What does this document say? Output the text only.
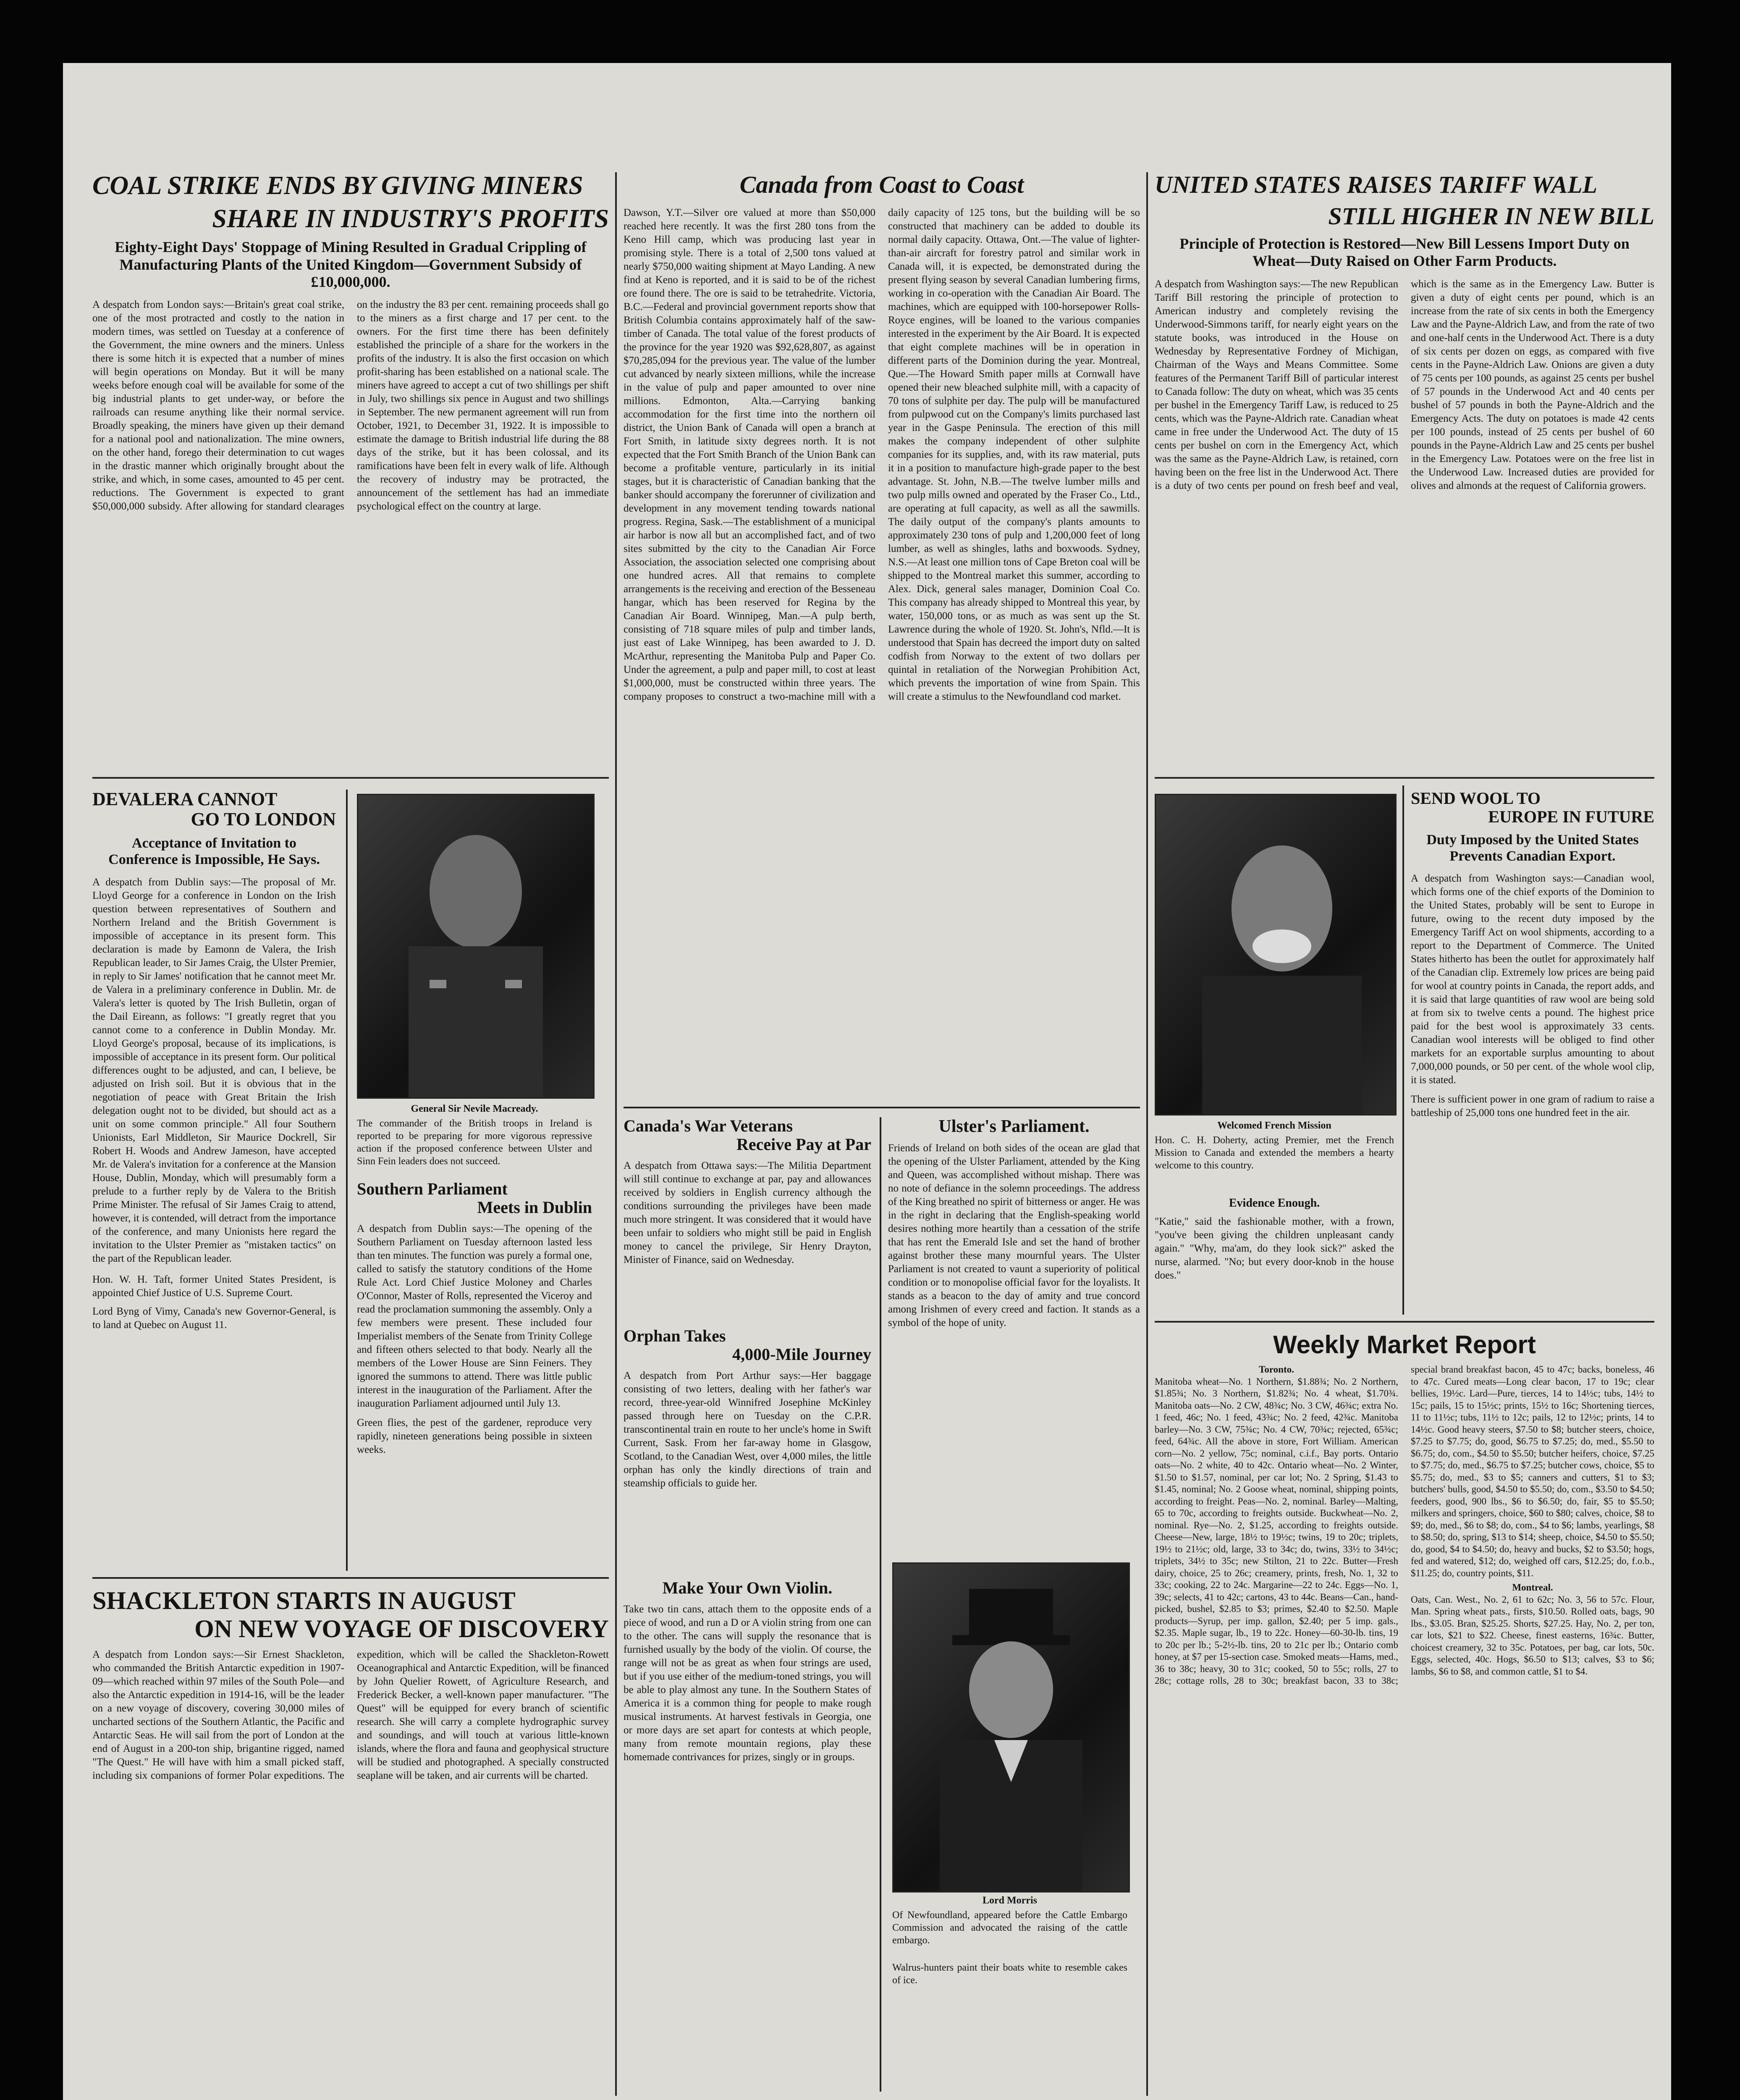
COAL STRIKE ENDS BY GIVING MINERS
SHARE IN INDUSTRY'S PROFITS
Eighty-Eight Days' Stoppage of Mining Resulted in Gradual Crippling of Manufacturing Plants of the United Kingdom—Government Subsidy of £10,000,000.
A despatch from London says:—Britain's great coal strike, one of the most protracted and costly to the nation in modern times, was settled on Tuesday at a conference of the Government, the mine owners and the miners. Unless there is some hitch it is expected that a number of mines will begin operations on Monday. But it will be many weeks before enough coal will be available for some of the big industrial plants to get under-way, or before the railroads can resume anything like their normal service. Broadly speaking, the miners have given up their demand for a national pool and nationalization. The mine owners, on the other hand, forego their determination to cut wages in the drastic manner which originally brought about the strike, and which, in some cases, amounted to 45 per cent. reductions. The Government is expected to grant $50,000,000 subsidy. After allowing for standard clearages on the industry the 83 per cent. remaining proceeds shall go to the miners as a first charge and 17 per cent. to the owners. For the first time there has been definitely established the principle of a share for the workers in the profits of the industry. It is also the first occasion on which profit-sharing has been established on a national scale. The miners have agreed to accept a cut of two shillings per shift in July, two shillings six pence in August and two shillings in September. The new permanent agreement will run from October, 1921, to December 31, 1922. It is impossible to estimate the damage to British industrial life during the 88 days of the strike, but it has been colossal, and its ramifications have been felt in every walk of life. Although the recovery of industry may be protracted, the announcement of the settlement has had an immediate psychological effect on the country at large.
DEVALERA CANNOT
GO TO LONDON
Acceptance of Invitation to Conference is Impossible, He Says.
A despatch from Dublin says:—The proposal of Mr. Lloyd George for a conference in London on the Irish question between representatives of Southern and Northern Ireland and the British Government is impossible of acceptance in its present form. This declaration is made by Eamonn de Valera, the Irish Republican leader, to Sir James Craig, the Ulster Premier, in reply to Sir James' notification that he cannot meet Mr. de Valera in a preliminary conference in Dublin. Mr. de Valera's letter is quoted by The Irish Bulletin, organ of the Dail Eireann, as follows: "I greatly regret that you cannot come to a conference in Dublin Monday. Mr. Lloyd George's proposal, because of its implications, is impossible of acceptance in its present form. Our political differences ought to be adjusted, and can, I believe, be adjusted on Irish soil. But it is obvious that in the negotiation of peace with Great Britain the Irish delegation ought not to be divided, but should act as a unit on some common principle." All four Southern Unionists, Earl Middleton, Sir Maurice Dockrell, Sir Robert H. Woods and Andrew Jameson, have accepted Mr. de Valera's invitation for a conference at the Mansion House, Dublin, Monday, which will presumably form a prelude to a further reply by de Valera to the British Prime Minister. The refusal of Sir James Craig to attend, however, it is contended, will detract from the importance of the conference, and many Unionists here regard the invitation to the Ulster Premier as "mistaken tactics" on the part of the Republican leader.
Hon. W. H. Taft, former United States President, is appointed Chief Justice of U.S. Supreme Court.
Lord Byng of Vimy, Canada's new Governor-General, is to land at Quebec on August 11.
General Sir Nevile Macready.
The commander of the British troops in Ireland is reported to be preparing for more vigorous repressive action if the proposed conference between Ulster and Sinn Fein leaders does not succeed.
Southern Parliament
Meets in Dublin
A despatch from Dublin says:—The opening of the Southern Parliament on Tuesday afternoon lasted less than ten minutes. The function was purely a formal one, called to satisfy the statutory conditions of the Home Rule Act. Lord Chief Justice Moloney and Charles O'Connor, Master of Rolls, represented the Viceroy and read the proclamation summoning the assembly. Only a few members were present. These included four Imperialist members of the Senate from Trinity College and fifteen others selected to that body. Nearly all the members of the Lower House are Sinn Feiners. They ignored the summons to attend. There was little public interest in the inauguration of the Parliament. After the inauguration Parliament adjourned until July 13.
Green flies, the pest of the gardener, reproduce very rapidly, nineteen generations being possible in sixteen weeks.
SHACKLETON STARTS IN AUGUST
ON NEW VOYAGE OF DISCOVERY
A despatch from London says:—Sir Ernest Shackleton, who commanded the British Antarctic expedition in 1907-09—which reached within 97 miles of the South Pole—and also the Antarctic expedition in 1914-16, will be the leader on a new voyage of discovery, covering 30,000 miles of uncharted sections of the Southern Atlantic, the Pacific and Antarctic Seas. He will sail from the port of London at the end of August in a 200-ton ship, brigantine rigged, named "The Quest." He will have with him a small picked staff, including six companions of former Polar expeditions. The expedition, which will be called the Shackleton-Rowett Oceanographical and Antarctic Expedition, will be financed by John Quelier Rowett, of Agriculture Research, and Frederick Becker, a well-known paper manufacturer. "The Quest" will be equipped for every branch of scientific research. She will carry a complete hydrographic survey and soundings, and will touch at various little-known islands, where the flora and fauna and geophysical structure will be studied and photographed. A specially constructed seaplane will be taken, and air currents will be charted.
Canada from Coast to Coast
Dawson, Y.T.—Silver ore valued at more than $50,000 reached here recently. It was the first 280 tons from the Keno Hill camp, which was producing last year in promising style. There is a total of 2,500 tons valued at nearly $750,000 waiting shipment at Mayo Landing. A new find at Keno is reported, and it is said to be of the richest ore found there. The ore is said to be tetrahedrite. Victoria, B.C.—Federal and provincial government reports show that British Columbia contains approximately half of the saw-timber of Canada. The total value of the forest products of the province for the year 1920 was $92,628,807, as against $70,285,094 for the previous year. The value of the lumber cut advanced by nearly sixteen millions, while the increase in the value of pulp and paper amounted to over nine millions. Edmonton, Alta.—Carrying banking accommodation for the first time into the northern oil district, the Union Bank of Canada will open a branch at Fort Smith, in latitude sixty degrees north. It is not expected that the Fort Smith Branch of the Union Bank can become a profitable venture, particularly in its initial stages, but it is characteristic of Canadian banking that the banker should accompany the forerunner of civilization and development in any movement tending towards national progress. Regina, Sask.—The establishment of a municipal air harbor is now all but an accomplished fact, and of two sites submitted by the city to the Canadian Air Force Association, the association selected one comprising about one hundred acres. All that remains to complete arrangements is the receiving and erection of the Besseneau hangar, which has been reserved for Regina by the Canadian Air Board. Winnipeg, Man.—A pulp berth, consisting of 718 square miles of pulp and timber lands, just east of Lake Winnipeg, has been awarded to J. D. McArthur, representing the Manitoba Pulp and Paper Co. Under the agreement, a pulp and paper mill, to cost at least $1,000,000, must be constructed within three years. The company proposes to construct a two-machine mill with a daily capacity of 125 tons, but the building will be so constructed that machinery can be added to double its normal daily capacity. Ottawa, Ont.—The value of lighter-than-air aircraft for forestry patrol and similar work in Canada will, it is expected, be demonstrated during the present flying season by several Canadian lumbering firms, working in co-operation with the Canadian Air Board. The machines, which are equipped with 100-horsepower Rolls-Royce engines, will be loaned to the various companies interested in the experiment by the Air Board. It is expected that eight complete machines will be in operation in different parts of the Dominion during the year. Montreal, Que.—The Howard Smith paper mills at Cornwall have opened their new bleached sulphite mill, with a capacity of 70 tons of sulphite per day. The pulp will be manufactured from pulpwood cut on the Company's limits purchased last year in the Gaspe Peninsula. The erection of this mill makes the company independent of other sulphite companies for its supplies, and, with its raw material, puts it in a position to manufacture high-grade paper to the best advantage. St. John, N.B.—The twelve lumber mills and two pulp mills owned and operated by the Fraser Co., Ltd., are operating at full capacity, as well as all the sawmills. The daily output of the company's plants amounts to approximately 230 tons of pulp and 1,200,000 feet of long lumber, as well as shingles, laths and boxwoods. Sydney, N.S.—At least one million tons of Cape Breton coal will be shipped to the Montreal market this summer, according to Alex. Dick, general sales manager, Dominion Coal Co. This company has already shipped to Montreal this year, by water, 150,000 tons, or as much as was sent up the St. Lawrence during the whole of 1920. St. John's, Nfld.—It is understood that Spain has decreed the import duty on salted codfish from Norway to the extent of two dollars per quintal in retaliation of the Norwegian Prohibition Act, which prevents the importation of wine from Spain. This will create a stimulus to the Newfoundland cod market.
Canada's War Veterans
Receive Pay at Par
A despatch from Ottawa says:—The Militia Department will still continue to exchange at par, pay and allowances received by soldiers in English currency although the conditions surrounding the privileges have been made much more stringent. It was considered that it would have been unfair to soldiers who might still be paid in English money to cancel the privilege, Sir Henry Drayton, Minister of Finance, said on Wednesday.
Orphan Takes
4,000-Mile Journey
A despatch from Port Arthur says:—Her baggage consisting of two letters, dealing with her father's war record, three-year-old Winnifred Josephine McKinley passed through here on Tuesday on the C.P.R. transcontinental train en route to her uncle's home in Swift Current, Sask. From her far-away home in Glasgow, Scotland, to the Canadian West, over 4,000 miles, the little orphan has only the kindly directions of train and steamship officials to guide her.
Make Your Own Violin.
Take two tin cans, attach them to the opposite ends of a piece of wood, and run a D or A violin string from one can to the other. The cans will supply the resonance that is furnished usually by the body of the violin. Of course, the range will not be as great as when four strings are used, but if you use either of the medium-toned strings, you will be able to play almost any tune. In the Southern States of America it is a common thing for people to make rough musical instruments. At harvest festivals in Georgia, one or more days are set apart for contests at which people, many from remote mountain regions, play these homemade contrivances for prizes, singly or in groups.
Ulster's Parliament.
Friends of Ireland on both sides of the ocean are glad that the opening of the Ulster Parliament, attended by the King and Queen, was accomplished without mishap. There was no note of defiance in the solemn proceedings. The address of the King breathed no spirit of bitterness or anger. He was in the right in declaring that the English-speaking world desires nothing more heartily than a cessation of the strife that has rent the Emerald Isle and set the hand of brother against brother these many mournful years. The Ulster Parliament is not created to vaunt a superiority of political condition or to monopolise official favor for the loyalists. It stands as a beacon to the day of amity and true concord among Irishmen of every creed and faction. It stands as a symbol of the hope of unity.
Lord Morris
Of Newfoundland, appeared before the Cattle Embargo Commission and advocated the raising of the cattle embargo.
Walrus-hunters paint their boats white to resemble cakes of ice.
UNITED STATES RAISES TARIFF WALL
STILL HIGHER IN NEW BILL
Principle of Protection is Restored—New Bill Lessens Import Duty on Wheat—Duty Raised on Other Farm Products.
A despatch from Washington says:—The new Republican Tariff Bill restoring the principle of protection to American industry and completely revising the Underwood-Simmons tariff, for nearly eight years on the statute books, was introduced in the House on Wednesday by Representative Fordney of Michigan, Chairman of the Ways and Means Committee. Some features of the Permanent Tariff Bill of particular interest to Canada follow: The duty on wheat, which was 35 cents per bushel in the Emergency Tariff Law, is reduced to 25 cents, which was the Payne-Aldrich rate. Canadian wheat came in free under the Underwood Act. The duty of 15 cents per bushel on corn in the Emergency Act, which was the same as the Payne-Aldrich Law, is retained, corn having been on the free list in the Underwood Act. There is a duty of two cents per pound on fresh beef and veal, which is the same as in the Emergency Law. Butter is given a duty of eight cents per pound, which is an increase from the rate of six cents in both the Emergency Law and the Payne-Aldrich Law, and from the rate of two and one-half cents in the Underwood Act. There is a duty of six cents per dozen on eggs, as compared with five cents in the Payne-Aldrich Law. Onions are given a duty of 75 cents per 100 pounds, as against 25 cents per bushel of 57 pounds in the Underwood Act and 40 cents per bushel of 57 pounds in both the Payne-Aldrich and the Emergency Acts. The duty on potatoes is made 42 cents per 100 pounds, instead of 25 cents per bushel of 60 pounds in the Payne-Aldrich Law and 25 cents per bushel in the Emergency Law. Potatoes were on the free list in the Underwood Law. Increased duties are provided for olives and almonds at the request of California growers.
Welcomed French Mission
Hon. C. H. Doherty, acting Premier, met the French Mission to Canada and extended the members a hearty welcome to this country.
Evidence Enough.
"Katie," said the fashionable mother, with a frown, "you've been giving the children unpleasant candy again." "Why, ma'am, do they look sick?" asked the nurse, alarmed. "No; but every door-knob in the house does."
SEND WOOL TO
EUROPE IN FUTURE
Duty Imposed by the United States Prevents Canadian Export.
A despatch from Washington says:—Canadian wool, which forms one of the chief exports of the Dominion to the United States, probably will be sent to Europe in future, owing to the recent duty imposed by the Emergency Tariff Act on wool shipments, according to a report to the Department of Commerce. The United States hitherto has been the outlet for approximately half of the Canadian clip. Extremely low prices are being paid for wool at country points in Canada, the report adds, and it is said that large quantities of raw wool are being sold at from six to twelve cents a pound. The highest price paid for the best wool is approximately 33 cents. Canadian wool interests will be obliged to find other markets for an exportable surplus amounting to about 7,000,000 pounds, or 50 per cent. of the whole wool clip, it is stated.
There is sufficient power in one gram of radium to raise a battleship of 25,000 tons one hundred feet in the air.
Weekly Market Report
Toronto.
Manitoba wheat—No. 1 Northern, $1.88¾; No. 2 Northern, $1.85¾; No. 3 Northern, $1.82¾; No. 4 wheat, $1.70¾. Manitoba oats—No. 2 CW, 48¾c; No. 3 CW, 46¾c; extra No. 1 feed, 46c; No. 1 feed, 43¾c; No. 2 feed, 42¾c. Manitoba barley—No. 3 CW, 75¾c; No. 4 CW, 70¾c; rejected, 65¾c; feed, 64¾c. All the above in store, Fort William. American corn—No. 2 yellow, 75c; nominal, c.i.f., Bay ports. Ontario oats—No. 2 white, 40 to 42c. Ontario wheat—No. 2 Winter, $1.50 to $1.57, nominal, per car lot; No. 2 Spring, $1.43 to $1.45, nominal; No. 2 Goose wheat, nominal, shipping points, according to freight. Peas—No. 2, nominal. Barley—Malting, 65 to 70c, according to freights outside. Buckwheat—No. 2, nominal. Rye—No. 2, $1.25, according to freights outside. Cheese—New, large, 18½ to 19½c; twins, 19 to 20c; triplets, 19½ to 21½c; old, large, 33 to 34c; do, twins, 33½ to 34½c; triplets, 34½ to 35c; new Stilton, 21 to 22c. Butter—Fresh dairy, choice, 25 to 26c; creamery, prints, fresh, No. 1, 32 to 33c; cooking, 22 to 24c. Margarine—22 to 24c. Eggs—No. 1, 39c; selects, 41 to 42c; cartons, 43 to 44c. Beans—Can., hand-picked, bushel, $2.85 to $3; primes, $2.40 to $2.50. Maple products—Syrup, per imp. gallon, $2.40; per 5 imp. gals., $2.35. Maple sugar, lb., 19 to 22c. Honey—60-30-lb. tins, 19 to 20c per lb.; 5-2½-lb. tins, 20 to 21c per lb.; Ontario comb honey, at $7 per 15-section case. Smoked meats—Hams, med., 36 to 38c; heavy, 30 to 31c; cooked, 50 to 55c; rolls, 27 to 28c; cottage rolls, 28 to 30c; breakfast bacon, 33 to 38c; special brand breakfast bacon, 45 to 47c; backs, boneless, 46 to 47c. Cured meats—Long clear bacon, 17 to 19c; clear bellies, 19½c. Lard—Pure, tierces, 14 to 14½c; tubs, 14½ to 15c; pails, 15 to 15½c; prints, 15½ to 16c; Shortening tierces, 11 to 11½c; tubs, 11½ to 12c; pails, 12 to 12½c; prints, 14 to 14½c. Good heavy steers, $7.50 to $8; butcher steers, choice, $7.25 to $7.75; do, good, $6.75 to $7.25; do, med., $5.50 to $6.75; do, com., $4.50 to $5.50; butcher heifers, choice, $7.25 to $7.75; do, med., $6.75 to $7.25; butcher cows, choice, $5 to $5.75; do, med., $3 to $5; canners and cutters, $1 to $3; butchers' bulls, good, $4.50 to $5.50; do, com., $3.50 to $4.50; feeders, good, 900 lbs., $6 to $6.50; do, fair, $5 to $5.50; milkers and springers, choice, $60 to $80; calves, choice, $8 to $9; do, med., $6 to $8; do, com., $4 to $6; lambs, yearlings, $8 to $8.50; do, spring, $13 to $14; sheep, choice, $4.50 to $5.50; do, good, $4 to $4.50; do, heavy and bucks, $2 to $3.50; hogs, fed and watered, $12; do, weighed off cars, $12.25; do, f.o.b., $11.25; do, country points, $11.
Montreal.
Oats, Can. West., No. 2, 61 to 62c; No. 3, 56 to 57c. Flour, Man. Spring wheat pats., firsts, $10.50. Rolled oats, bags, 90 lbs., $3.05. Bran, $25.25. Shorts, $27.25. Hay, No. 2, per ton, car lots, $21 to $22. Cheese, finest easterns, 16¾c. Butter, choicest creamery, 32 to 35c. Potatoes, per bag, car lots, 50c. Eggs, selected, 40c. Hogs, $6.50 to $13; calves, $3 to $6; lambs, $6 to $8, and common cattle, $1 to $4.
